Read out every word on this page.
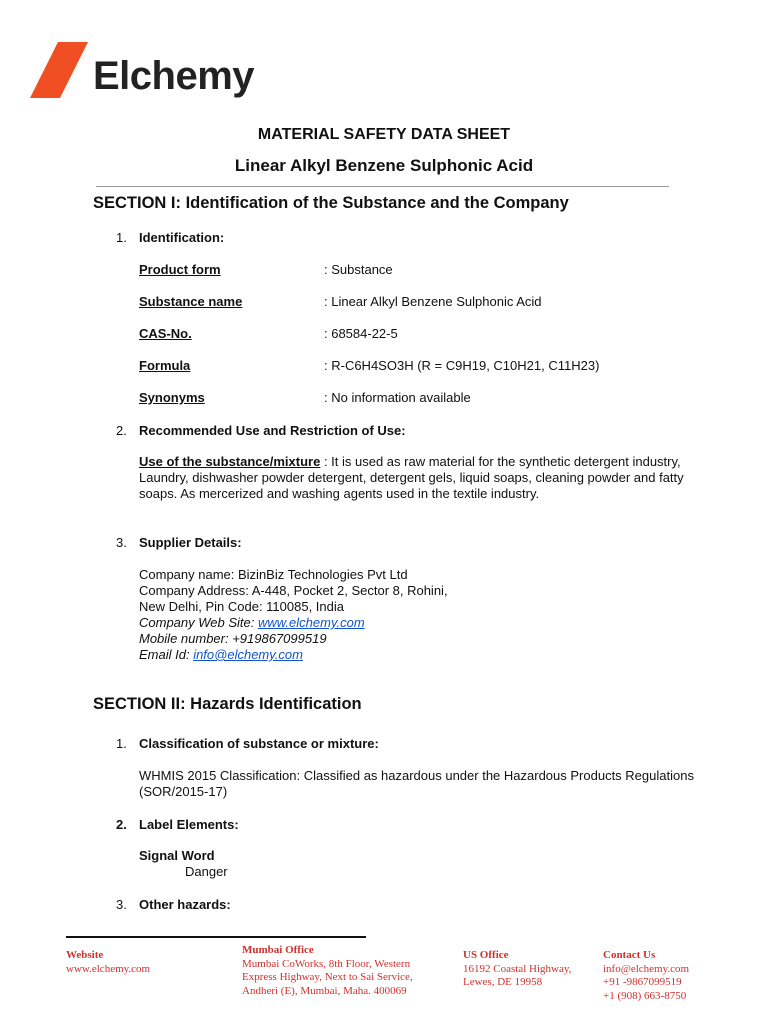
Elchemy
MATERIAL SAFETY DATA SHEET
Linear Alkyl Benzene Sulphonic Acid
SECTION I: Identification of the Substance and the Company
1. Identification:
Product form	: Substance
Substance name	: Linear Alkyl Benzene Sulphonic Acid
CAS-No.	: 68584-22-5
Formula	: R-C6H4SO3H (R = C9H19, C10H21, C11H23)
Synonyms	: No information available
2. Recommended Use and Restriction of Use:
Use of the substance/mixture : It is used as raw material for the synthetic detergent industry, Laundry, dishwasher powder detergent, detergent gels, liquid soaps, cleaning powder and fatty soaps. As mercerized and washing agents used in the textile industry.
3. Supplier Details:
Company name: BizinBiz Technologies Pvt Ltd
Company Address: A-448, Pocket 2, Sector 8, Rohini,
New Delhi, Pin Code: 110085, India
Company Web Site: www.elchemy.com
Mobile number: +919867099519
Email Id: info@elchemy.com
SECTION II: Hazards Identification
1. Classification of substance or mixture:
WHMIS 2015 Classification: Classified as hazardous under the Hazardous Products Regulations (SOR/2015-17)
2. Label Elements:
Signal Word
Danger
3. Other hazards:
Website
www.elchemy.com
Mumbai Office
Mumbai CoWorks, 8th Floor, Western
Express Highway, Next to Sai Service,
Andheri (E), Mumbai, Maha. 400069
US Office
16192 Coastal Highway,
Lewes, DE 19958
Contact Us
info@elchemy.com
+91 -9867099519
+1 (908) 663-8750
